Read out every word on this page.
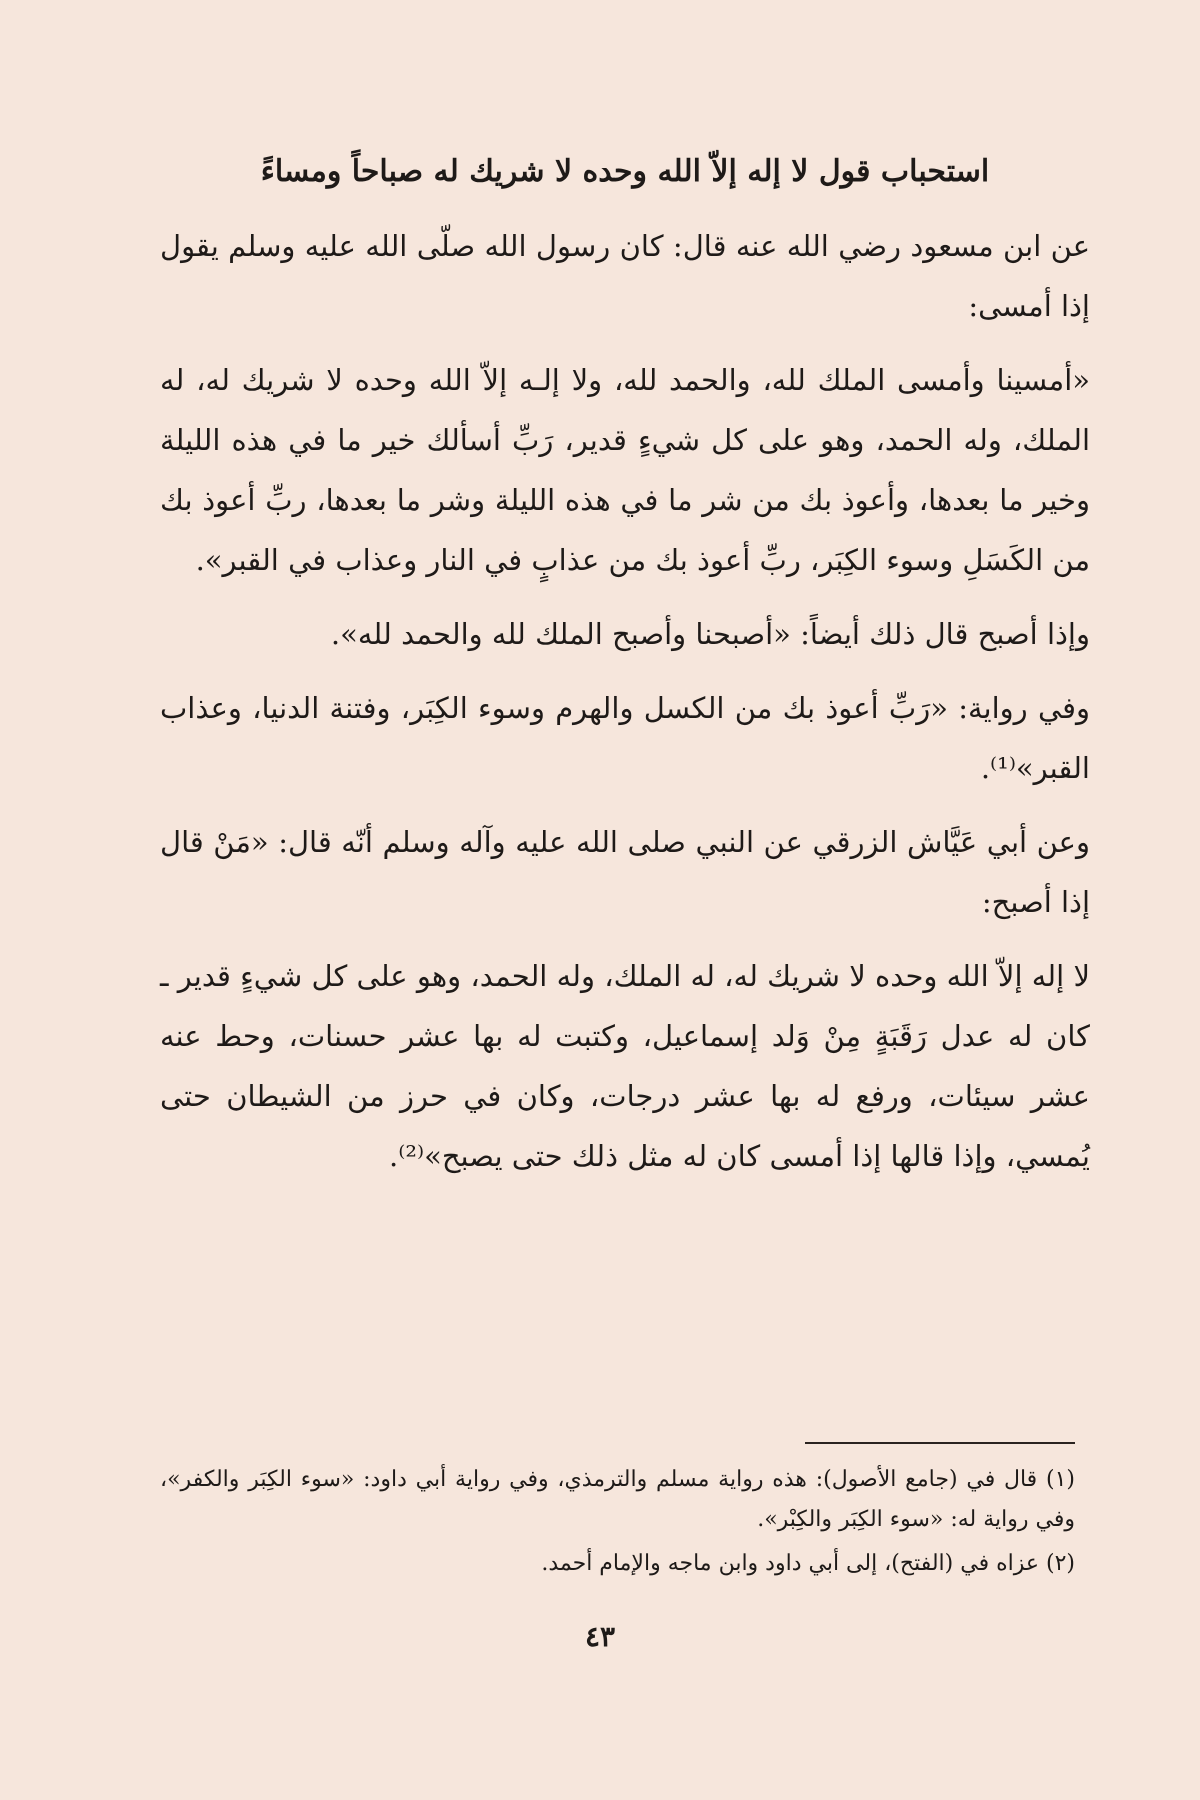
استحباب قول لا إله إلاّ الله وحده لا شريك له صباحاً ومساءً

عن ابن مسعود رضي الله عنه قال: كان رسول الله صلّى الله عليه وسلم يقول إذا أمسى:

«أمسينا وأمسى الملك لله، والحمد لله، ولا إلـه إلاّ الله وحده لا شريك له، له الملك، وله الحمد، وهو على كل شيءٍ قدير، رَبِّ أسألك خير ما في هذه الليلة وخير ما بعدها، وأعوذ بك من شر ما في هذه الليلة وشر ما بعدها، ربِّ أعوذ بك من الكَسَلِ وسوء الكِبَر، ربِّ أعوذ بك من عذابٍ في النار وعذاب في القبر».

وإذا أصبح قال ذلك أيضاً: «أصبحنا وأصبح الملك لله والحمد لله».

وفي رواية: «رَبِّ أعوذ بك من الكسل والهرم وسوء الكِبَر، وفتنة الدنيا، وعذاب القبر»⁽¹⁾.

وعن أبي عَيَّاش الزرقي عن النبي صلى الله عليه وآله وسلم أنّه قال: «مَنْ قال إذا أصبح:

لا إله إلاّ الله وحده لا شريك له، له الملك، وله الحمد، وهو على كل شيءٍ قدير ـ كان له عدل رَقَبَةٍ مِنْ وَلد إسماعيل، وكتبت له بها عشر حسنات، وحط عنه عشر سيئات، ورفع له بها عشر درجات، وكان في حرز من الشيطان حتى يُمسي، وإذا قالها إذا أمسى كان له مثل ذلك حتى يصبح»⁽²⁾.

(١) قال في (جامع الأصول): هذه رواية مسلم والترمذي، وفي رواية أبي داود: «سوء الكِبَر والكفر»، وفي رواية له: «سوء الكِبَر والكِبْر».

(٢) عزاه في (الفتح)، إلى أبي داود وابن ماجه والإمام أحمد.

٤٣
